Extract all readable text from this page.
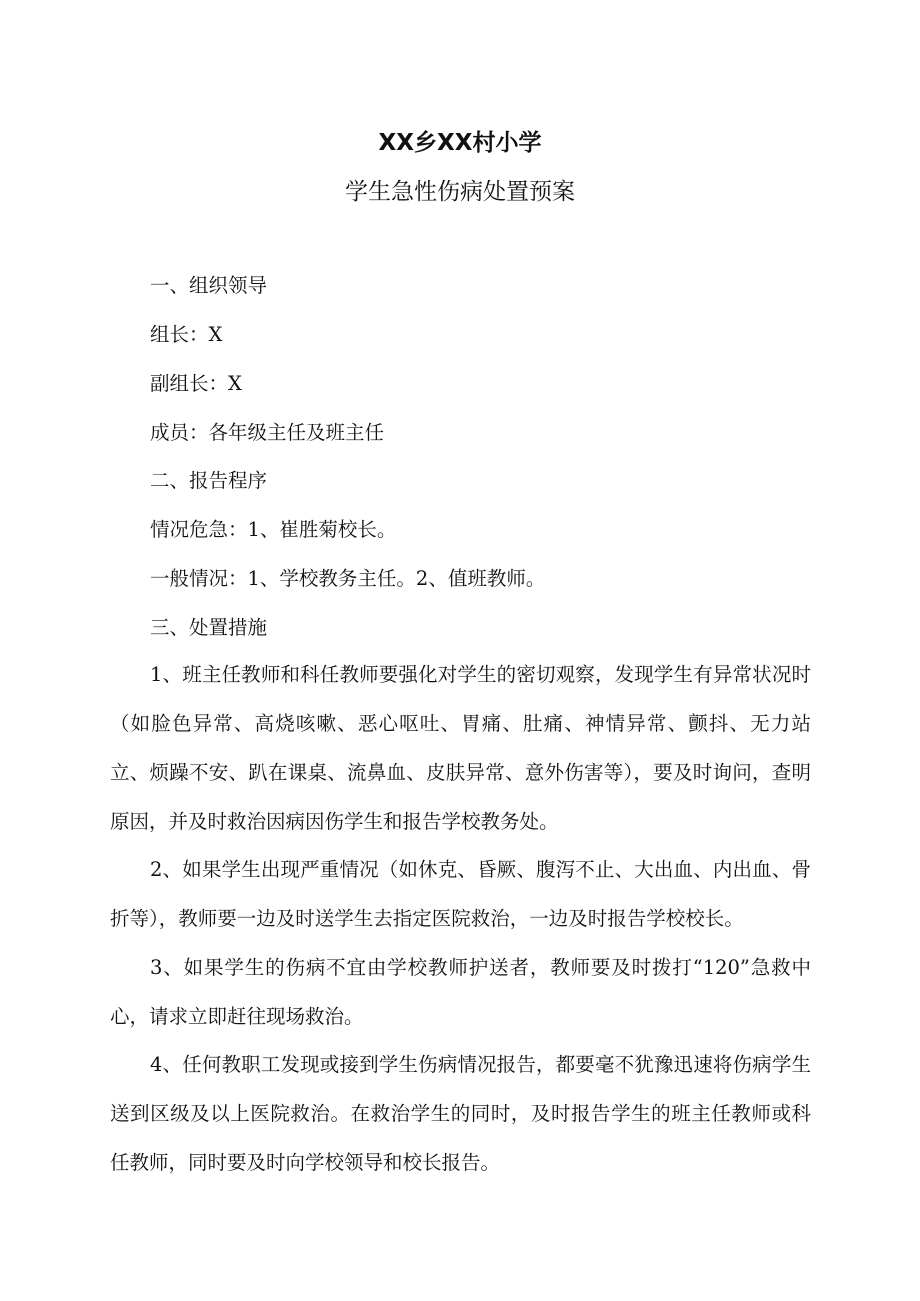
XX乡XX村小学
学生急性伤病处置预案
一、组织领导
组长：X
副组长：X
成员：各年级主任及班主任
二、报告程序
情况危急：1、崔胜菊校长。
一般情况：1、学校教务主任。2、值班教师。
三、处置措施
1、班主任教师和科任教师要强化对学生的密切观察，发现学生有异常状况时（如脸色异常、高烧咳嗽、恶心呕吐、胃痛、肚痛、神情异常、颤抖、无力站立、烦躁不安、趴在课桌、流鼻血、皮肤异常、意外伤害等），要及时询问，查明原因，并及时救治因病因伤学生和报告学校教务处。
2、如果学生出现严重情况（如休克、昏厥、腹泻不止、大出血、内出血、骨折等），教师要一边及时送学生去指定医院救治，一边及时报告学校校长。
3、如果学生的伤病不宜由学校教师护送者，教师要及时拨打“120”急救中心，请求立即赶往现场救治。
4、任何教职工发现或接到学生伤病情况报告，都要毫不犹豫迅速将伤病学生送到区级及以上医院救治。在救治学生的同时，及时报告学生的班主任教师或科任教师，同时要及时向学校领导和校长报告。
